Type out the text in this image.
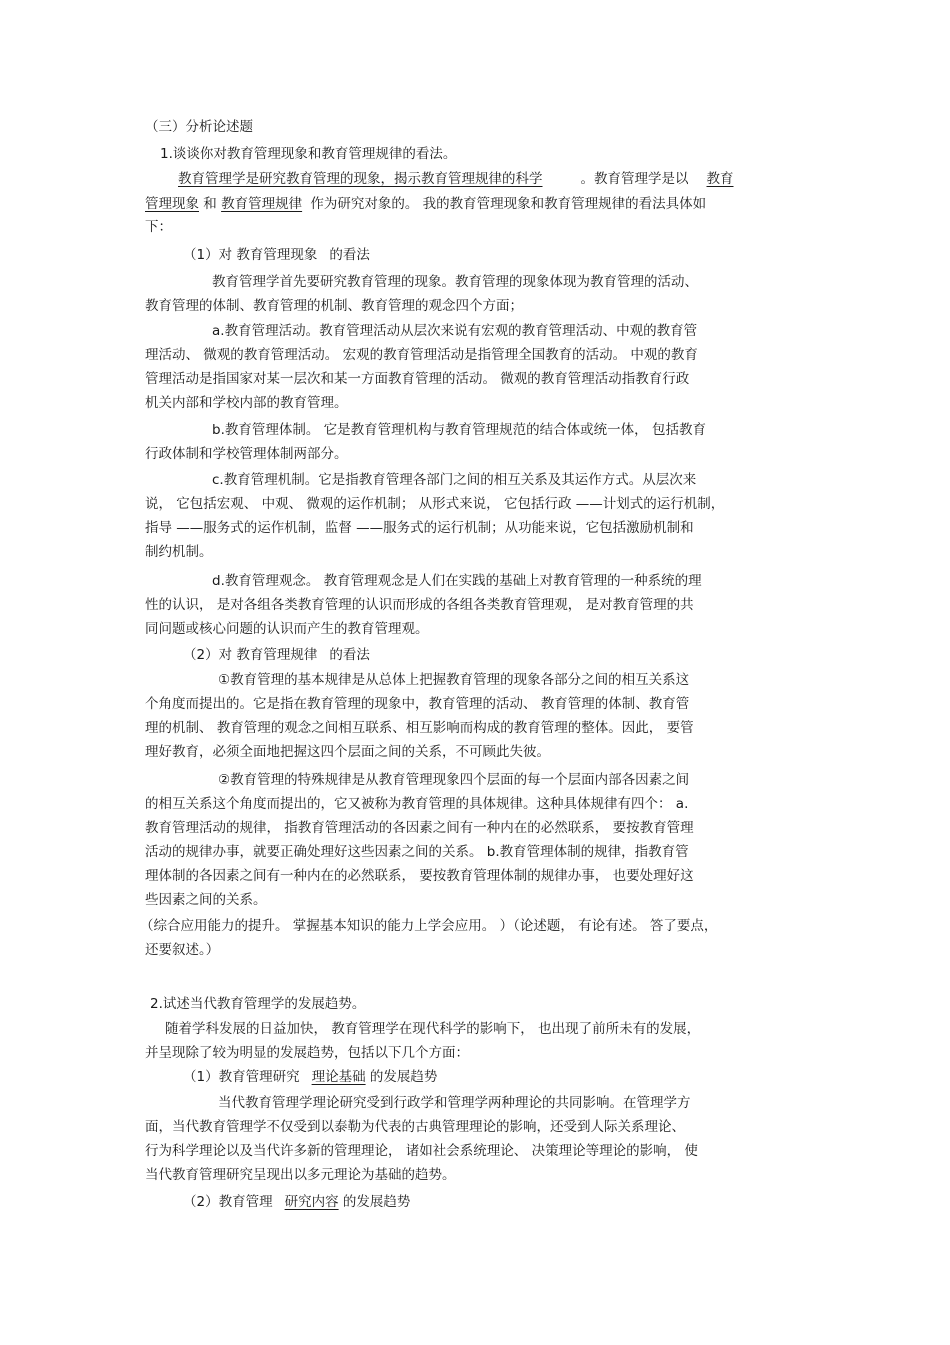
（三）分析论述题
1.谈谈你对教育管理现象和教育管理规律的看法。
教育管理学是研究教育管理的现象，揭示教育管理规律的科学	。教育管理学是以 教育
管理现象 和 教育管理规律 作为研究对象的。 我的教育管理现象和教育管理规律的看法具体如
下：
（1）对 教育管理现象 的看法
教育管理学首先要研究教育管理的现象。教育管理的现象体现为教育管理的活动、
教育管理的体制、教育管理的机制、教育管理的观念四个方面；
a.教育管理活动。教育管理活动从层次来说有宏观的教育管理活动、中观的教育管
理活动、 微观的教育管理活动。 宏观的教育管理活动是指管理全国教育的活动。 中观的教育
管理活动是指国家对某一层次和某一方面教育管理的活动。 微观的教育管理活动指教育行政
机关内部和学校内部的教育管理。
b.教育管理体制。 它是教育管理机构与教育管理规范的结合体或统一体， 包括教育
行政体制和学校管理体制两部分。
c.教育管理机制。它是指教育管理各部门之间的相互关系及其运作方式。从层次来
说， 它包括宏观、 中观、 微观的运作机制； 从形式来说， 它包括行政 ——计划式的运行机制，
指导 ——服务式的运作机制，监督 ——服务式的运行机制；从功能来说，它包括激励机制和
制约机制。
d.教育管理观念。 教育管理观念是人们在实践的基础上对教育管理的一种系统的理
性的认识， 是对各组各类教育管理的认识而形成的各组各类教育管理观， 是对教育管理的共
同问题或核心问题的认识而产生的教育管理观。
（2）对 教育管理规律 的看法
①教育管理的基本规律是从总体上把握教育管理的现象各部分之间的相互关系这
个角度而提出的。它是指在教育管理的现象中，教育管理的活动、 教育管理的体制、教育管
理的机制、 教育管理的观念之间相互联系、相互影响而构成的教育管理的整体。因此， 要管
理好教育，必须全面地把握这四个层面之间的关系，不可顾此失彼。
②教育管理的特殊规律是从教育管理现象四个层面的每一个层面内部各因素之间
的相互关系这个角度而提出的，它又被称为教育管理的具体规律。这种具体规律有四个： a.
教育管理活动的规律， 指教育管理活动的各因素之间有一种内在的必然联系， 要按教育管理
活动的规律办事，就要正确处理好这些因素之间的关系。 b.教育管理体制的规律，指教育管
理体制的各因素之间有一种内在的必然联系， 要按教育管理体制的规律办事， 也要处理好这
些因素之间的关系。
（综合应用能力的提升。 掌握基本知识的能力上学会应用。 ）（论述题， 有论有述。 答了要点，
还要叙述。）
2.试述当代教育管理学的发展趋势。
随着学科发展的日益加快， 教育管理学在现代科学的影响下， 也出现了前所未有的发展，
并呈现除了较为明显的发展趋势，包括以下几个方面：
（1）教育管理研究 理论基础 的发展趋势
当代教育管理学理论研究受到行政学和管理学两种理论的共同影响。在管理学方
面，当代教育管理学不仅受到以泰勒为代表的古典管理理论的影响，还受到人际关系理论、
行为科学理论以及当代许多新的管理理论， 诸如社会系统理论、 决策理论等理论的影响， 使
当代教育管理研究呈现出以多元理论为基础的趋势。
（2）教育管理 研究内容 的发展趋势
